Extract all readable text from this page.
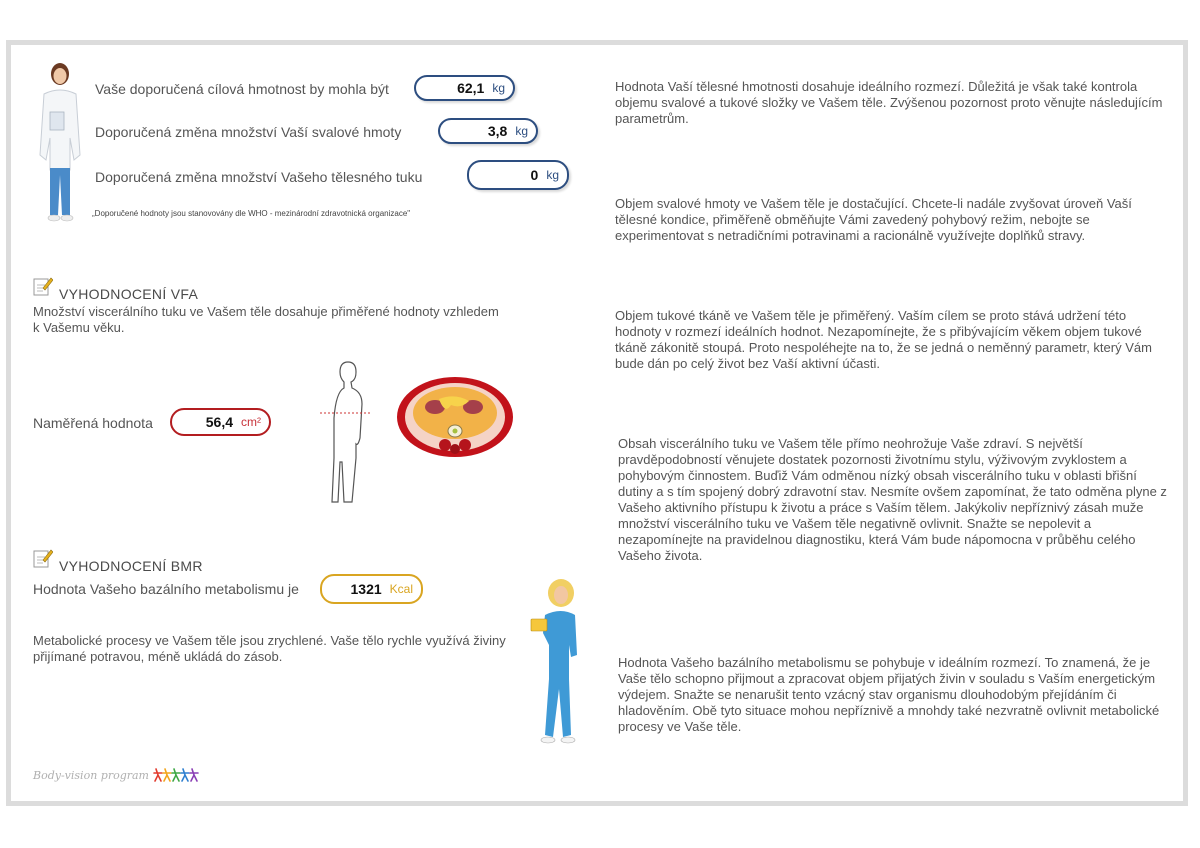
Vaše doporučená cílová hmotnost by mohla být	62,1 kg
Doporučená změna množství Vaší svalové hmoty	3,8 kg
Doporučená změna množství Vašeho tělesného tuku	0 kg
„Doporučené hodnoty jsou stanovovány dle WHO - mezinárodní zdravotnická organizace"
VYHODNOCENÍ VFA
Množství viscerálního tuku ve Vašem těle dosahuje přiměřené hodnoty vzhledem k Vašemu věku.
Naměřená hodnota	56,4 cm²
VYHODNOCENÍ BMR
Hodnota Vašeho bazálního metabolismu je	1321 Kcal
Metabolické procesy ve Vašem těle jsou zrychlené. Vaše tělo rychle využívá živiny přijímané potravou, méně ukládá do zásob.
Hodnota Vaší tělesné hmotnosti dosahuje ideálního rozmezí. Důležitá je však také kontrola objemu svalové a tukové složky ve Vašem těle. Zvýšenou pozornost proto věnujte následujícím parametrům.
Objem svalové hmoty ve Vašem těle je dostačující. Chcete-li nadále zvyšovat úroveň Vaší tělesné kondice, přiměřeně obměňujte Vámi zavedený pohybový režim, nebojte se experimentovat s netradičními potravinami a racionálně využívejte doplňků stravy.
Objem tukové tkáně ve Vašem těle je přiměřený. Vaším cílem se proto stává udržení této hodnoty v rozmezí ideálních hodnot. Nezapomínejte, že s přibývajícím věkem objem tukové tkáně zákonitě stoupá. Proto nespoléhejte na to, že se jedná o neměnný parametr, který Vám bude dán po celý život bez Vaší aktivní účasti.
Obsah viscerálního tuku ve Vašem těle přímo neohrožuje Vaše zdraví. S největší pravděpodobností věnujete dostatek pozornosti životnímu stylu, výživovým zvyklostem a pohybovým činnostem. Buďiž Vám odměnou nízký obsah viscerálního tuku v oblasti břišní dutiny a s tím spojený dobrý zdravotní stav. Nesmíte ovšem zapomínat, že tato odměna plyne z Vašeho aktivního přístupu k životu a práce s Vaším tělem. Jakýkoliv nepříznivý zásah muže množství viscerálního tuku ve Vašem těle negativně ovlivnit. Snažte se nepolevit a nezapomínejte na pravidelnou diagnostiku, která Vám bude nápomocna v průběhu celého Vašeho života.
Hodnota Vašeho bazálního metabolismu se pohybuje v ideálním rozmezí. To znamená, že je Vaše tělo schopno přijmout a zpracovat objem přijatých živin v souladu s Vaším energetickým výdejem. Snažte se nenarušit tento vzácný stav organismu dlouhodobým přejídáním či hladověním. Obě tyto situace mohou nepříznivě a mnohdy také nezvratně ovlivnit metabolické procesy ve Vaše těle.
Body-vision program
